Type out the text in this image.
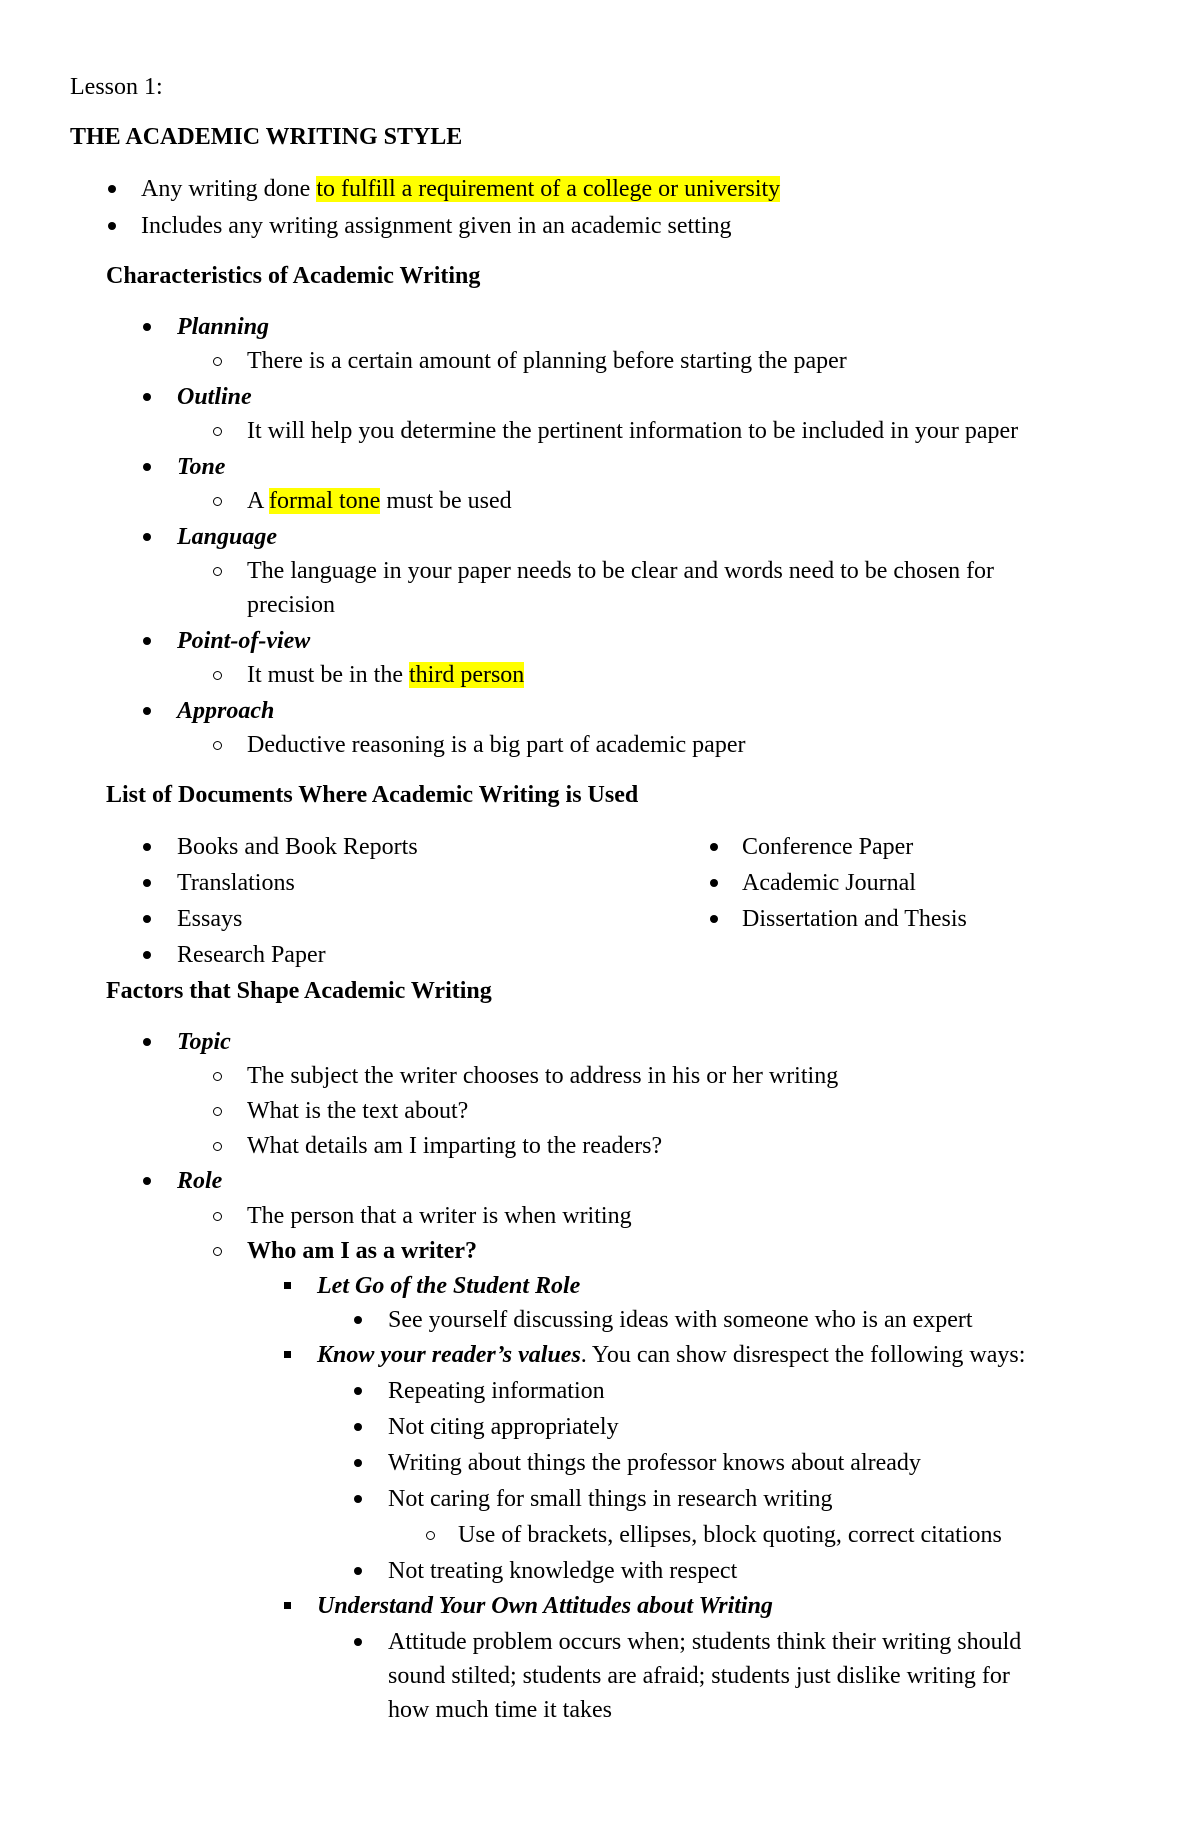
Lesson 1:
THE ACADEMIC WRITING STYLE
Any writing done to fulfill a requirement of a college or university
Includes any writing assignment given in an academic setting
Characteristics of Academic Writing
Planning
There is a certain amount of planning before starting the paper
Outline
It will help you determine the pertinent information to be included in your paper
Tone
A formal tone must be used
Language
The language in your paper needs to be clear and words need to be chosen for
precision
Point-of-view
It must be in the third person
Approach
Deductive reasoning is a big part of academic paper
List of Documents Where Academic Writing is Used
Books and Book Reports
Translations
Essays
Research Paper
Conference Paper
Academic Journal
Dissertation and Thesis
Factors that Shape Academic Writing
Topic
The subject the writer chooses to address in his or her writing
What is the text about?
What details am I imparting to the readers?
Role
The person that a writer is when writing
Who am I as a writer?
Let Go of the Student Role
See yourself discussing ideas with someone who is an expert
Know your reader’s values. You can show disrespect the following ways:
Repeating information
Not citing appropriately
Writing about things the professor knows about already
Not caring for small things in research writing
Use of brackets, ellipses, block quoting, correct citations
Not treating knowledge with respect
Understand Your Own Attitudes about Writing
Attitude problem occurs when; students think their writing should
sound stilted; students are afraid; students just dislike writing for
how much time it takes
